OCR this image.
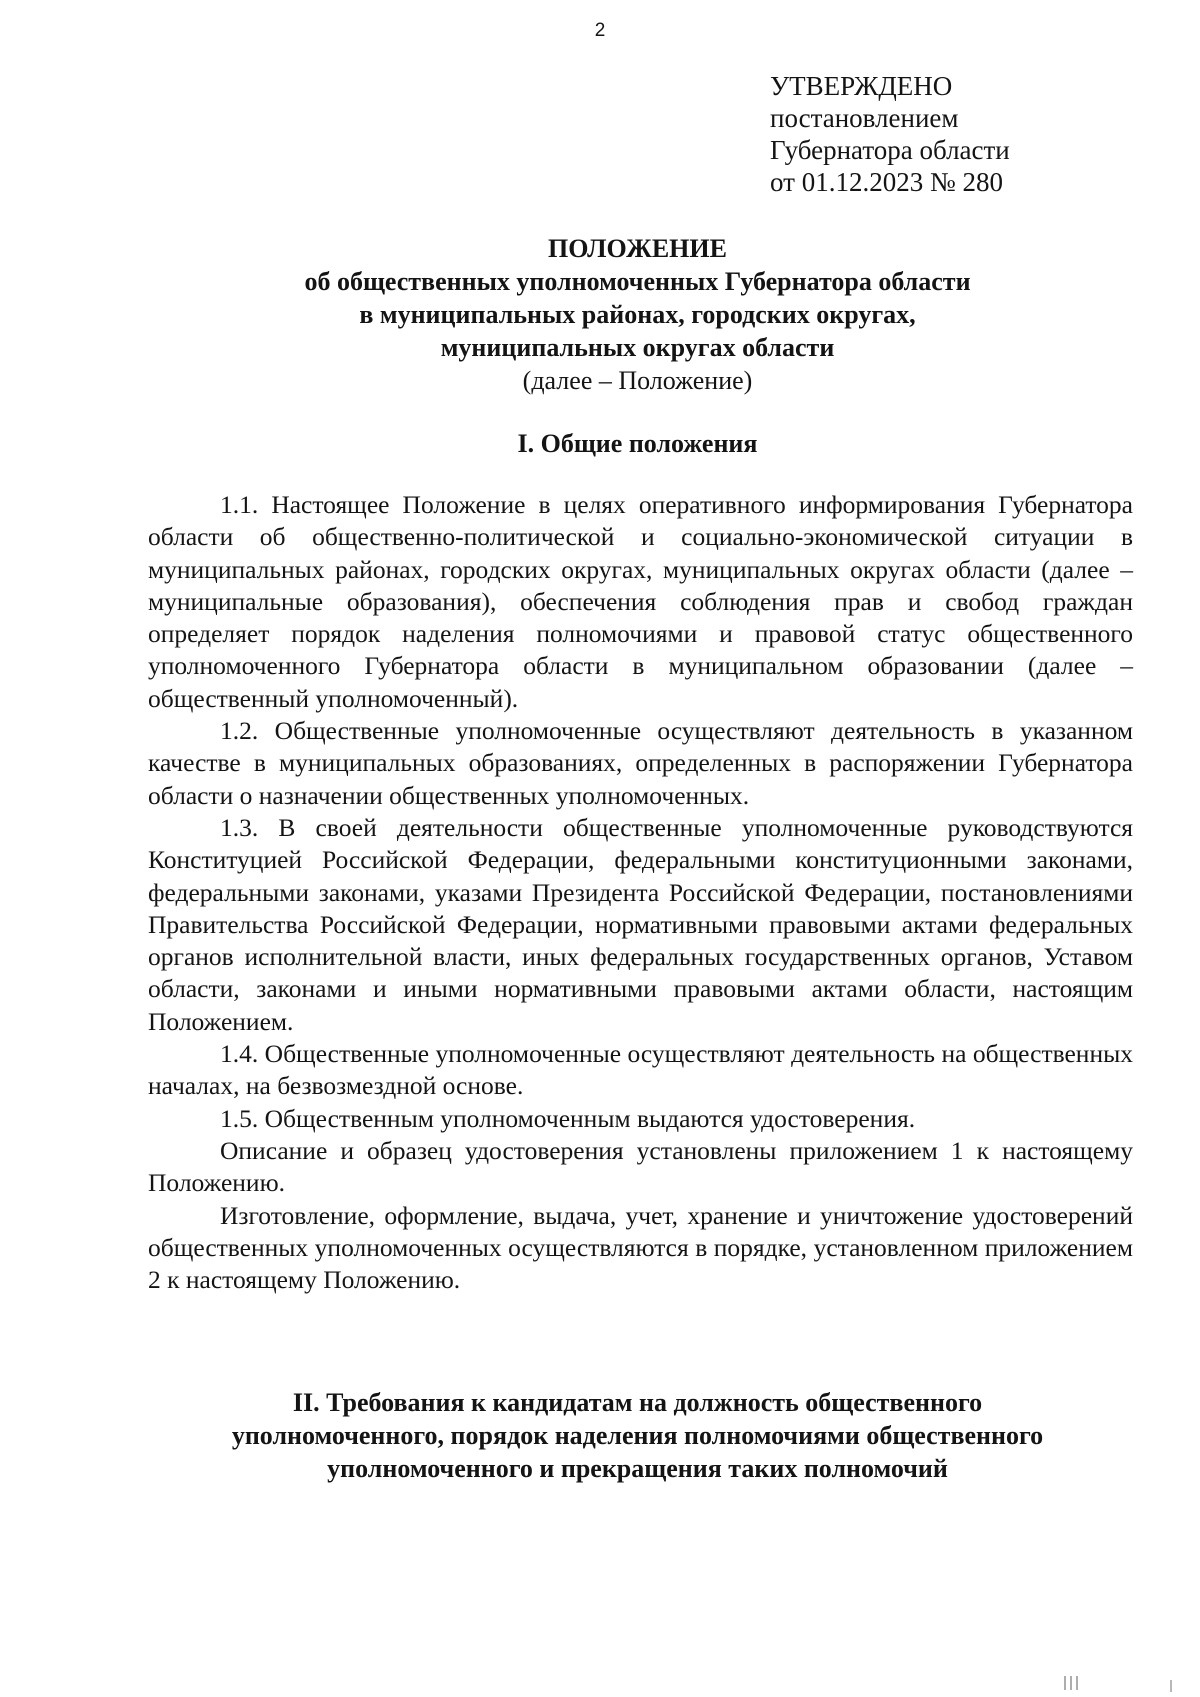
2
УТВЕРЖДЕНО
постановлением
Губернатора области
от 01.12.2023 № 280
ПОЛОЖЕНИЕ
об общественных уполномоченных Губернатора области
в муниципальных районах, городских округах,
муниципальных округах области
(далее – Положение)
I. Общие положения

1.1. Настоящее Положение в целях оперативного информирования Губернатора области об общественно-политической и социально-экономической ситуации в муниципальных районах, городских округах, муниципальных округах области (далее – муниципальные образования), обеспечения соблюдения прав и свобод граждан определяет порядок наделения полномочиями и правовой статус общественного уполномоченного Губернатора области в муниципальном образовании (далее – общественный уполномоченный).

1.2. Общественные уполномоченные осуществляют деятельность в указанном качестве в муниципальных образованиях, определенных в распоряжении Губернатора области о назначении общественных уполномоченных.

1.3. В своей деятельности общественные уполномоченные руководствуются Конституцией Российской Федерации, федеральными конституционными законами, федеральными законами, указами Президента Российской Федерации, постановлениями Правительства Российской Федерации, нормативными правовыми актами федеральных органов исполнительной власти, иных федеральных государственных органов, Уставом области, законами и иными нормативными правовыми актами области, настоящим Положением.

1.4. Общественные уполномоченные осуществляют деятельность на общественных началах, на безвозмездной основе.

1.5. Общественным уполномоченным выдаются удостоверения.

Описание и образец удостоверения установлены приложением 1 к настоящему Положению.

Изготовление, оформление, выдача, учет, хранение и уничтожение удостоверений общественных уполномоченных осуществляются в порядке, установленном приложением 2 к настоящему Положению.

II. Требования к кандидатам на должность общественного
уполномоченного, порядок наделения полномочиями общественного
уполномоченного и прекращения таких полномочий
